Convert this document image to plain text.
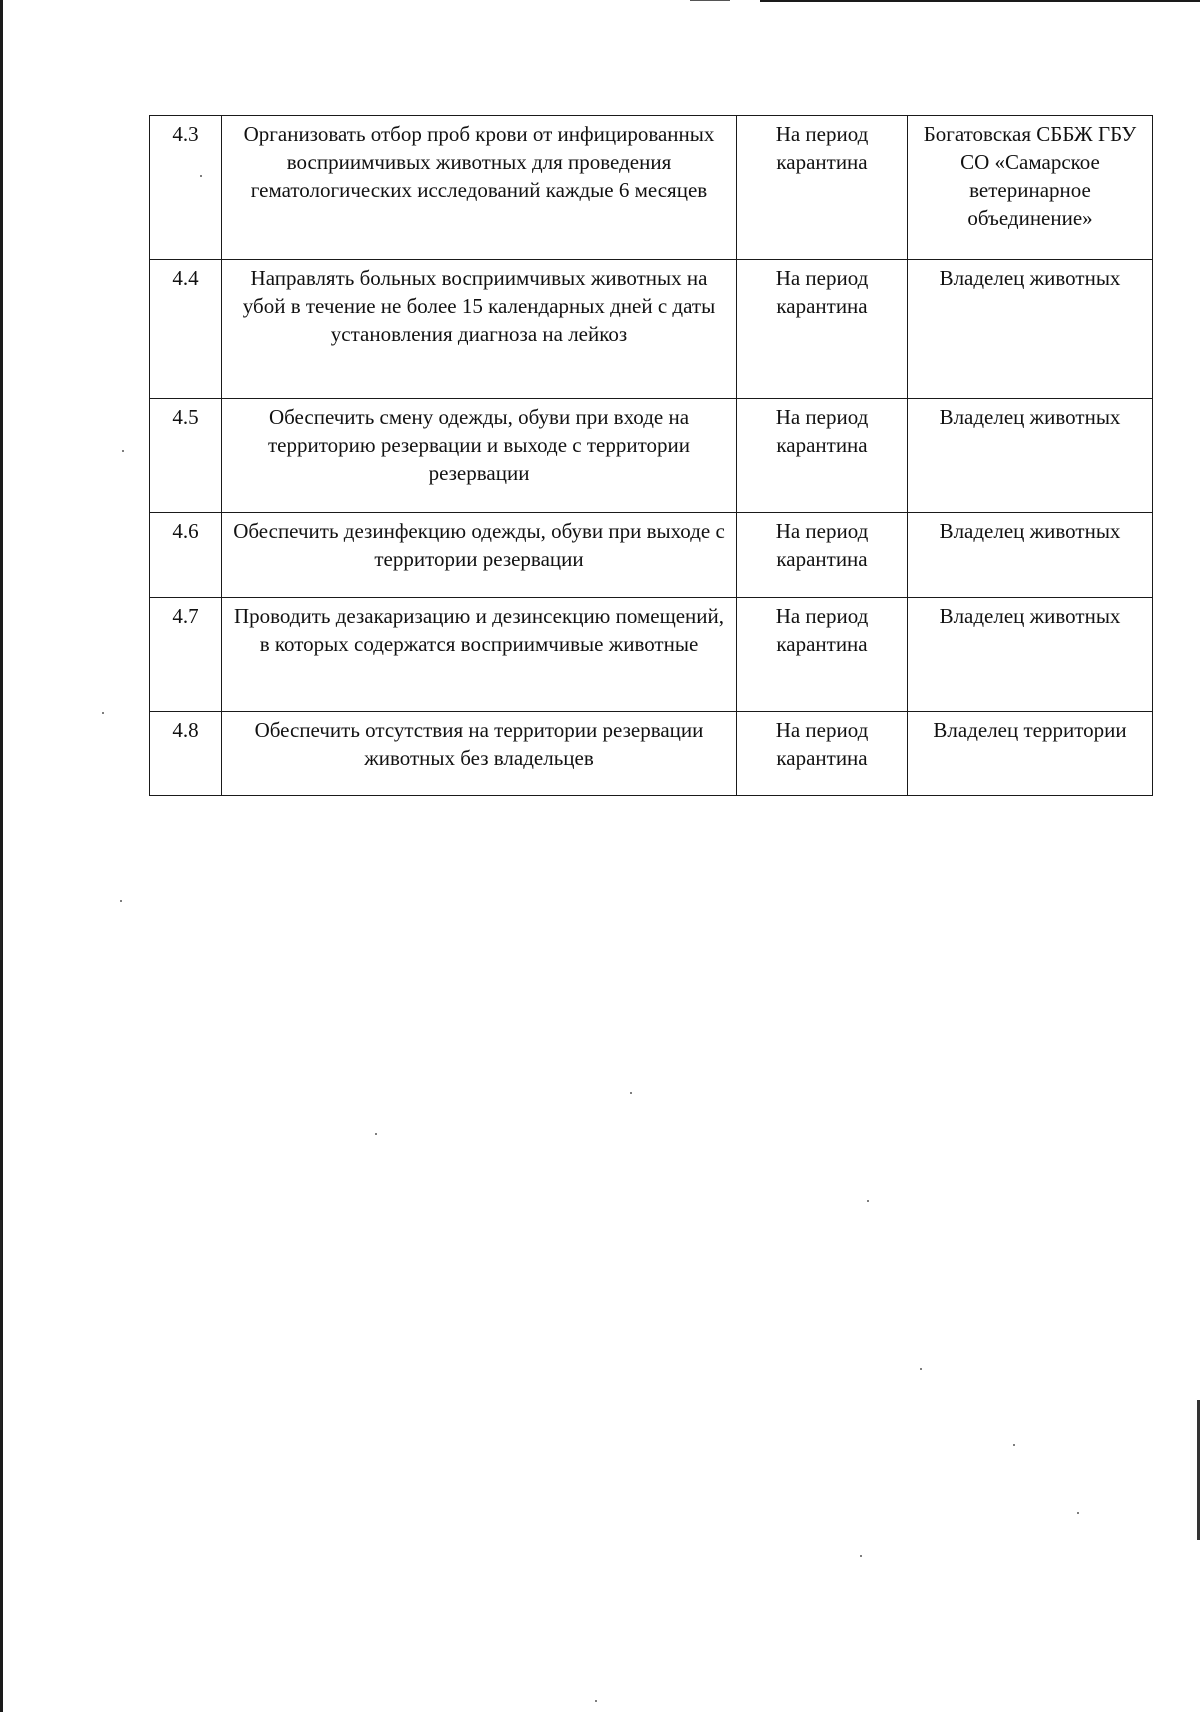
4.3	Организовать отбор проб крови от инфицированных восприимчивых животных для проведения гематологических исследований каждые 6 месяцев	На период карантина	Богатовская СББЖ ГБУ СО «Самарское ветеринарное объединение»
4.4	Направлять больных восприимчивых животных на убой в течение не более 15 календарных дней с даты установления диагноза на лейкоз	На период карантина	Владелец животных
4.5	Обеспечить смену одежды, обуви при входе на территорию резервации и выходе с территории резервации	На период карантина	Владелец животных
4.6	Обеспечить дезинфекцию одежды, обуви при выходе с территории резервации	На период карантина	Владелец животных
4.7	Проводить дезакаризацию и дезинсекцию помещений, в которых содержатся восприимчивые животные	На период карантина	Владелец животных
4.8	Обеспечить отсутствия на территории резервации животных без владельцев	На период карантина	Владелец территории
